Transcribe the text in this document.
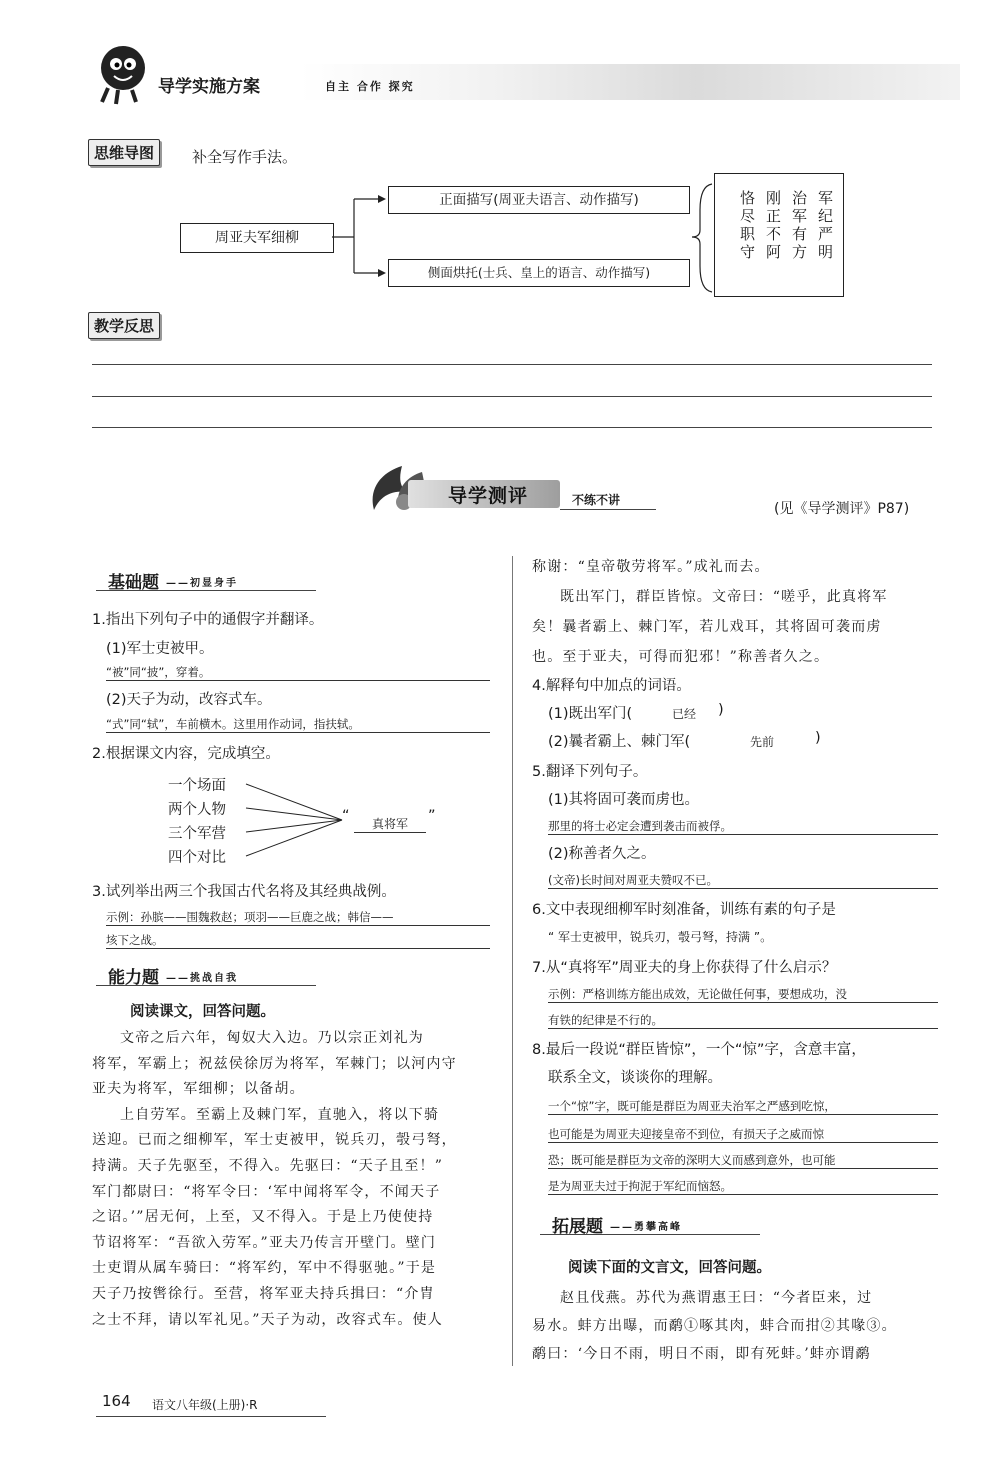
导学实施方案	自主 合作 探究
思维导图	补全写作手法。
周亚夫军细柳
正面描写(周亚夫语言、动作描写)
侧面烘托(士兵、皇上的语言、动作描写)
军纪严明
治军有方
刚正不阿
恪尽职守
教学反思
导学测评	不练不讲
(见《导学测评》P87)
基础题 ——初显身手
1.指出下列句子中的通假字并翻译。
(1)军士吏被甲。
“被”同“披”，穿着。
(2)天子为动，改容式车。
“式”同“轼”，车前横木。这里用作动词，指扶轼。
2.根据课文内容，完成填空。
一个场面
两个人物
三个军营
四个对比
“	真将军	”
3.试列举出两三个我国古代名将及其经典战例。
示例：孙膑——围魏救赵；项羽——巨鹿之战；韩信——
垓下之战。
能力题 ——挑战自我
阅读课文，回答问题。
文帝之后六年，匈奴大入边。乃以宗正刘礼为
将军，军霸上；祝兹侯徐厉为将军，军棘门；以河内守
亚夫为将军，军细柳；以备胡。
上自劳军。至霸上及棘门军，直驰入，将以下骑
送迎。已而之细柳军，军士吏被甲，锐兵刃，彀弓弩，
持满。天子先驱至，不得入。先驱曰：“天子且至！”
军门都尉曰：“将军令曰：‘军中闻将军令，不闻天子
之诏。’”居无何，上至，又不得入。于是上乃使使持
节诏将军：“吾欲入劳军。”亚夫乃传言开壁门。壁门
士吏谓从属车骑曰：“将军约，军中不得驱驰。”于是
天子乃按辔徐行。至营，将军亚夫持兵揖曰：“介胄
之士不拜，请以军礼见。”天子为动，改容式车。使人
称谢：“皇帝敬劳将军。”成礼而去。
既出军门，群臣皆惊。文帝曰：“嗟乎，此真将军
矣！曩者霸上、棘门军，若儿戏耳，其将固可袭而虏
也。至于亚夫，可得而犯邪！”称善者久之。
4.解释句中加点的词语。
(1)既出军门(	已经 )
(2)曩者霸上、棘门军(	先前	)
5.翻译下列句子。
(1)其将固可袭而虏也。
那里的将士必定会遭到袭击而被俘。
(2)称善者久之。
(文帝)长时间对周亚夫赞叹不已。
6.文中表现细柳军时刻准备，训练有素的句子是
“ 军士吏被甲，锐兵刃，彀弓弩，持满 ”。
7.从“真将军”周亚夫的身上你获得了什么启示？
示例：严格训练方能出成效，无论做任何事，要想成功，没
有铁的纪律是不行的。
8.最后一段说“群臣皆惊”，一个“惊”字，含意丰富，
联系全文，谈谈你的理解。
一个“惊”字，既可能是群臣为周亚夫治军之严感到吃惊，
也可能是为周亚夫迎接皇帝不到位，有损天子之威而惊
恐；既可能是群臣为文帝的深明大义而感到意外，也可能
是为周亚夫过于拘泥于军纪而恼怒。
拓展题 ——勇攀高峰
阅读下面的文言文，回答问题。
赵且伐燕。苏代为燕谓惠王曰：“今者臣来，过
易水。蚌方出曝，而鹬①啄其肉，蚌合而拑②其喙③。
鹬曰：‘今日不雨，明日不雨，即有死蚌。’蚌亦谓鹬
164 语文八年级(上册)·R
